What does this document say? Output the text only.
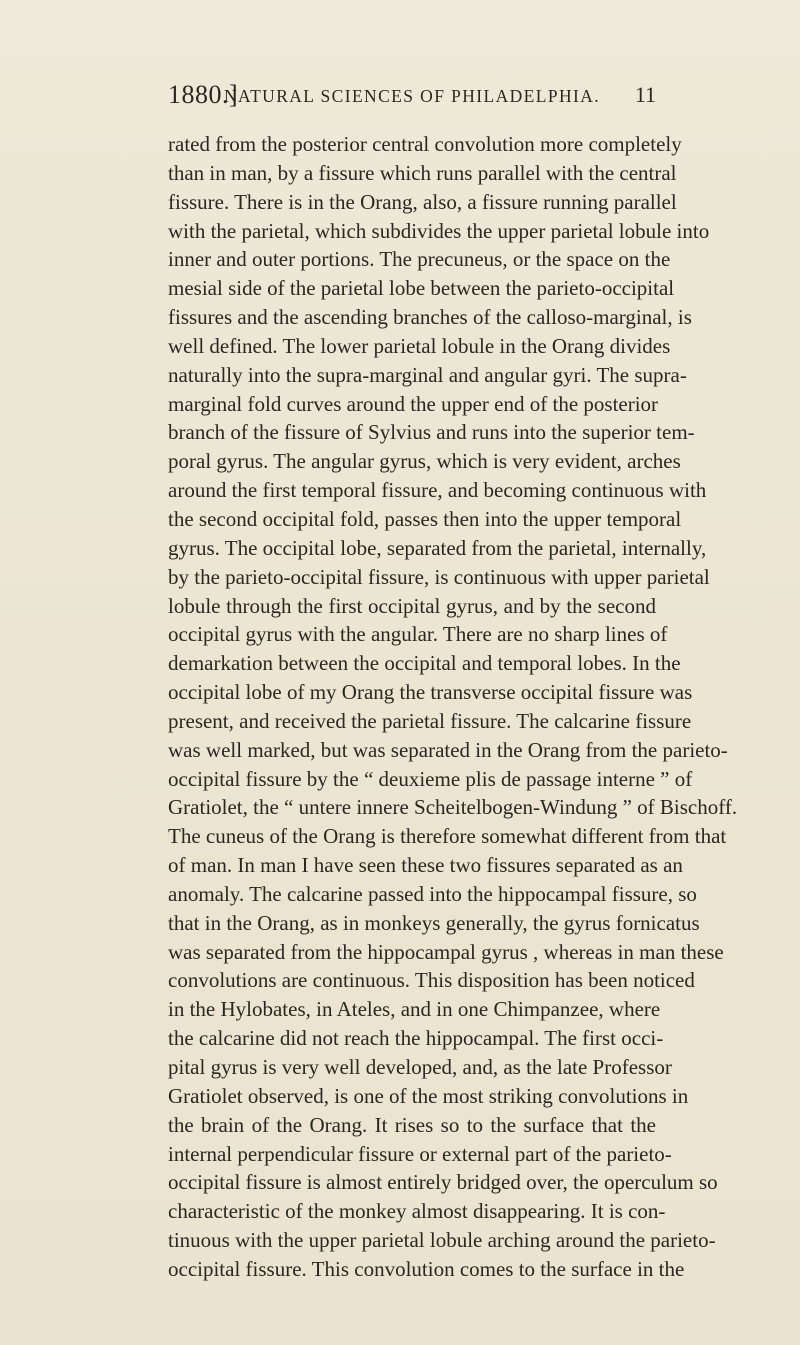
1880.]
NATURAL SCIENCES OF PHILADELPHIA.	11
rated from the posterior central convolution more completely
than in man, by a fissure which runs parallel with the central
fissure. There is in the Orang, also, a fissure running parallel
with the parietal, which subdivides the upper parietal lobule into
inner and outer portions. The precuneus, or the space on the
mesial side of the parietal lobe between the parieto-occipital
fissures and the ascending branches of the calloso-marginal, is
well defined. The lower parietal lobule in the Orang divides
naturally into the supra-marginal and angular gyri. The supra-
marginal fold curves around the upper end of the posterior
branch of the fissure of Sylvius and runs into the superior tem-
poral gyrus. The angular gyrus, which is very evident, arches
around the first temporal fissure, and becoming continuous with
the second occipital fold, passes then into the upper temporal
gyrus. The occipital lobe, separated from the parietal, internally,
by the parieto-occipital fissure, is continuous with upper parietal
lobule through the first occipital gyrus, and by the second
occipital gyrus with the angular. There are no sharp lines of
demarkation between the occipital and temporal lobes. In the
occipital lobe of my Orang the transverse occipital fissure was
present, and received the parietal fissure. The calcarine fissure
was well marked, but was separated in the Orang from the parieto-
occipital fissure by the “ deuxieme plis de passage interne ” of
Gratiolet, the “ untere innere Scheitelbogen-Windung ” of Bischoff.
The cuneus of the Orang is therefore somewhat different from that
of man. In man I have seen these two fissures separated as an
anomaly. The calcarine passed into the hippocampal fissure, so
that in the Orang, as in monkeys generally, the gyrus fornicatus
was separated from the hippocampal gyrus , whereas in man these
convolutions are continuous. This disposition has been noticed
in the Hylobates, in Ateles, and in one Chimpanzee, where
the calcarine did not reach the hippocampal. The first occi-
pital gyrus is very well developed, and, as the late Professor
Gratiolet observed, is one of the most striking convolutions in
the brain of the Orang. It rises so to the surface that the
internal perpendicular fissure or external part of the parieto-
occipital fissure is almost entirely bridged over, the operculum so
characteristic of the monkey almost disappearing. It is con-
tinuous with the upper parietal lobule arching around the parieto-
occipital fissure. This convolution comes to the surface in the
